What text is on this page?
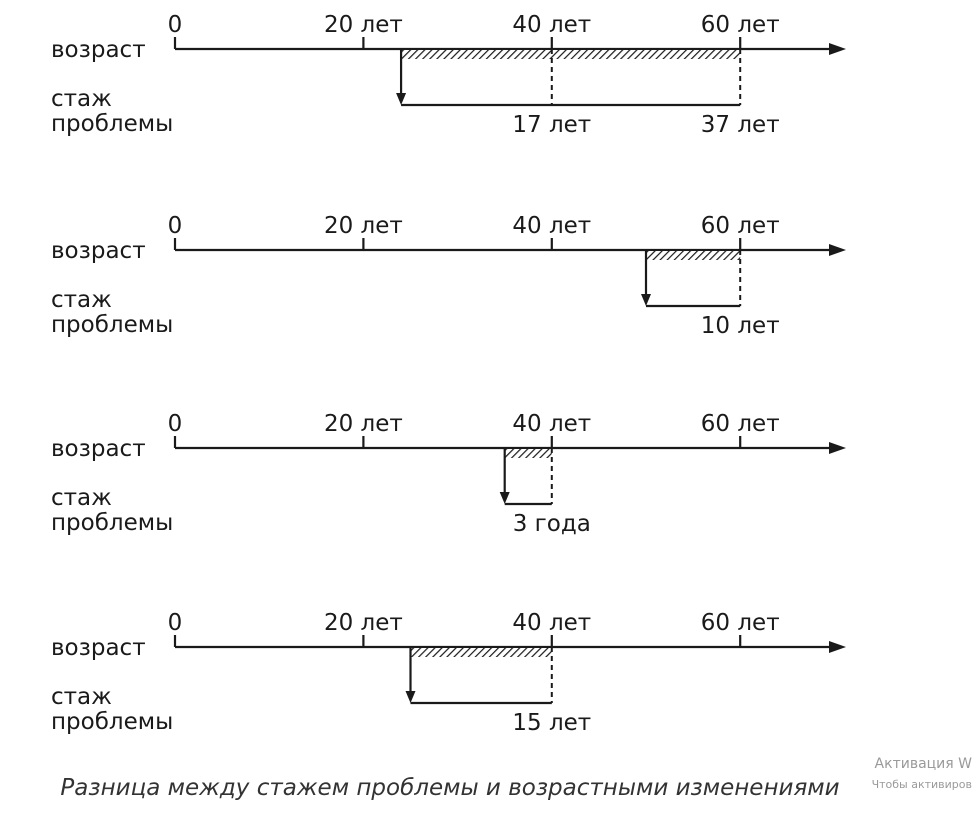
0	20 лет	40 лет	60 лет
возраст
стаж
проблемы	17 лет	37 лет
0	20 лет	40 лет	60 лет
возраст
стаж
проблемы	10 лет
0	20 лет	40 лет	60 лет
возраст
стаж
проблемы	3 года
0	20 лет	40 лет	60 лет
возраст
стаж
проблемы	15 лет
Разница между стажем проблемы и возрастными изменениями
Активация W
Чтобы активиров
